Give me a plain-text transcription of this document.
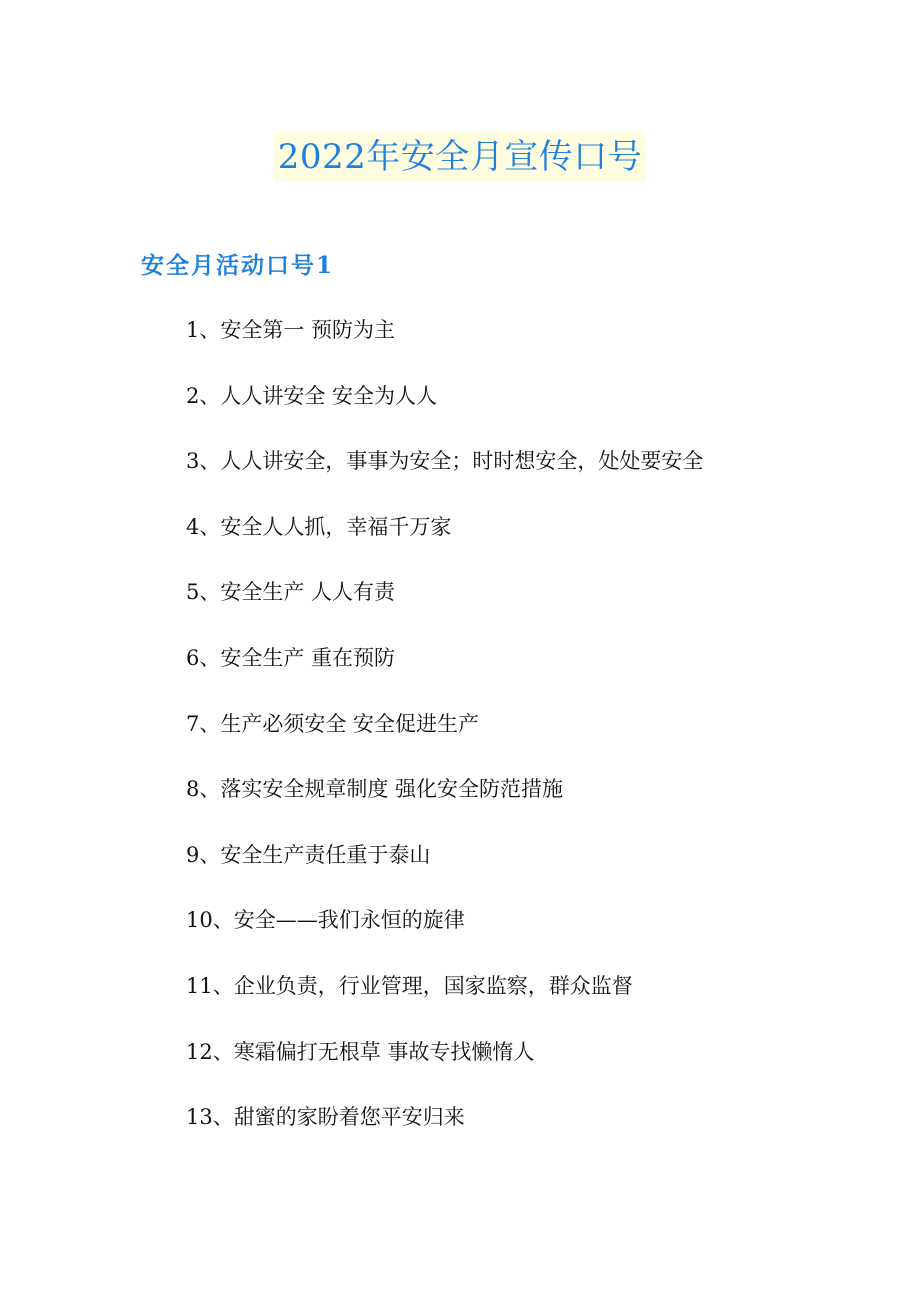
2022年安全月宣传口号
安全月活动口号1
1、安全第一 预防为主
2、人人讲安全 安全为人人
3、人人讲安全，事事为安全；时时想安全，处处要安全
4、安全人人抓，幸福千万家
5、安全生产 人人有责
6、安全生产 重在预防
7、生产必须安全 安全促进生产
8、落实安全规章制度 强化安全防范措施
9、安全生产责任重于泰山
10、安全——我们永恒的旋律
11、企业负责，行业管理，国家监察，群众监督
12、寒霜偏打无根草 事故专找懒惰人
13、甜蜜的家盼着您平安归来
